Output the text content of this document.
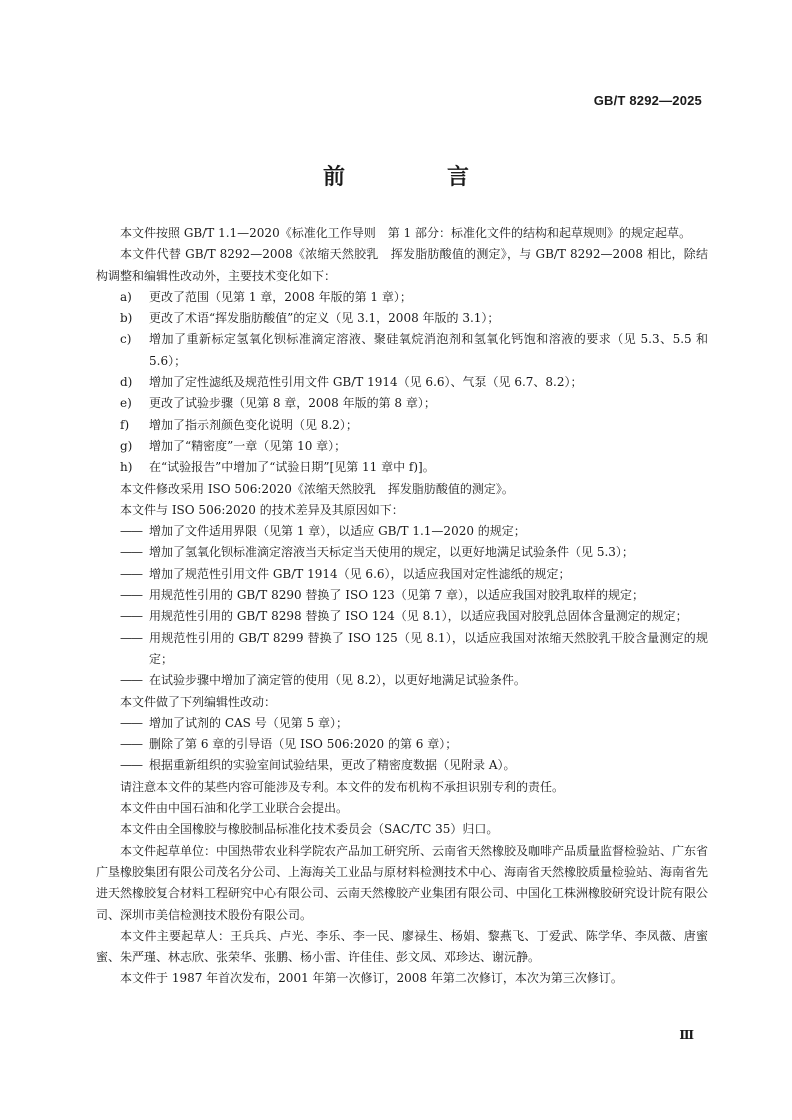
GB/T 8292—2025
前　言

本文件按照 GB/T 1.1—2020《标准化工作导则　第 1 部分：标准化文件的结构和起草规则》的规定起草。

本文件代替 GB/T 8292—2008《浓缩天然胶乳　挥发脂肪酸值的测定》，与 GB/T 8292—2008 相比，除结构调整和编辑性改动外，主要技术变化如下：

a) 更改了范围（见第 1 章，2008 年版的第 1 章）；
b) 更改了术语“挥发脂肪酸值”的定义（见 3.1，2008 年版的 3.1）；
c) 增加了重新标定氢氧化钡标准滴定溶液、聚硅氧烷消泡剂和氢氧化钙饱和溶液的要求（见 5.3、5.5 和 5.6）；
d) 增加了定性滤纸及规范性引用文件 GB/T 1914（见 6.6）、气泵（见 6.7、8.2）；
e) 更改了试验步骤（见第 8 章，2008 年版的第 8 章）；
f) 增加了指示剂颜色变化说明（见 8.2）；
g) 增加了“精密度”一章（见第 10 章）；
h) 在“试验报告”中增加了“试验日期”[见第 11 章中 f)]。

本文件修改采用 ISO 506:2020《浓缩天然胶乳　挥发脂肪酸值的测定》。

本文件与 ISO 506:2020 的技术差异及其原因如下：

—— 增加了文件适用界限（见第 1 章），以适应 GB/T 1.1—2020 的规定；
—— 增加了氢氧化钡标准滴定溶液当天标定当天使用的规定，以更好地满足试验条件（见 5.3）；
—— 增加了规范性引用文件 GB/T 1914（见 6.6），以适应我国对定性滤纸的规定；
—— 用规范性引用的 GB/T 8290 替换了 ISO 123（见第 7 章），以适应我国对胶乳取样的规定；
—— 用规范性引用的 GB/T 8298 替换了 ISO 124（见 8.1），以适应我国对胶乳总固体含量测定的规定；
—— 用规范性引用的 GB/T 8299 替换了 ISO 125（见 8.1），以适应我国对浓缩天然胶乳干胶含量测定的规定；
—— 在试验步骤中增加了滴定管的使用（见 8.2），以更好地满足试验条件。

本文件做了下列编辑性改动：

—— 增加了试剂的 CAS 号（见第 5 章）；
—— 删除了第 6 章的引导语（见 ISO 506:2020 的第 6 章）；
—— 根据重新组织的实验室间试验结果，更改了精密度数据（见附录 A）。

请注意本文件的某些内容可能涉及专利。本文件的发布机构不承担识别专利的责任。

本文件由中国石油和化学工业联合会提出。

本文件由全国橡胶与橡胶制品标准化技术委员会（SAC/TC 35）归口。

本文件起草单位：中国热带农业科学院农产品加工研究所、云南省天然橡胶及咖啡产品质量监督检验站、广东省广垦橡胶集团有限公司茂名分公司、上海海关工业品与原材料检测技术中心、海南省天然橡胶质量检验站、海南省先进天然橡胶复合材料工程研究中心有限公司、云南天然橡胶产业集团有限公司、中国化工株洲橡胶研究设计院有限公司、深圳市美信检测技术股份有限公司。

本文件主要起草人：王兵兵、卢光、李乐、李一民、廖禄生、杨娟、黎燕飞、丁爱武、陈学华、李凤薇、唐蜜蜜、朱严瑾、林志欣、张荣华、张鹏、杨小雷、许佳佳、彭文凤、邓珍达、谢沅静。

本文件于 1987 年首次发布，2001 年第一次修订，2008 年第二次修订，本次为第三次修订。

Ⅲ
